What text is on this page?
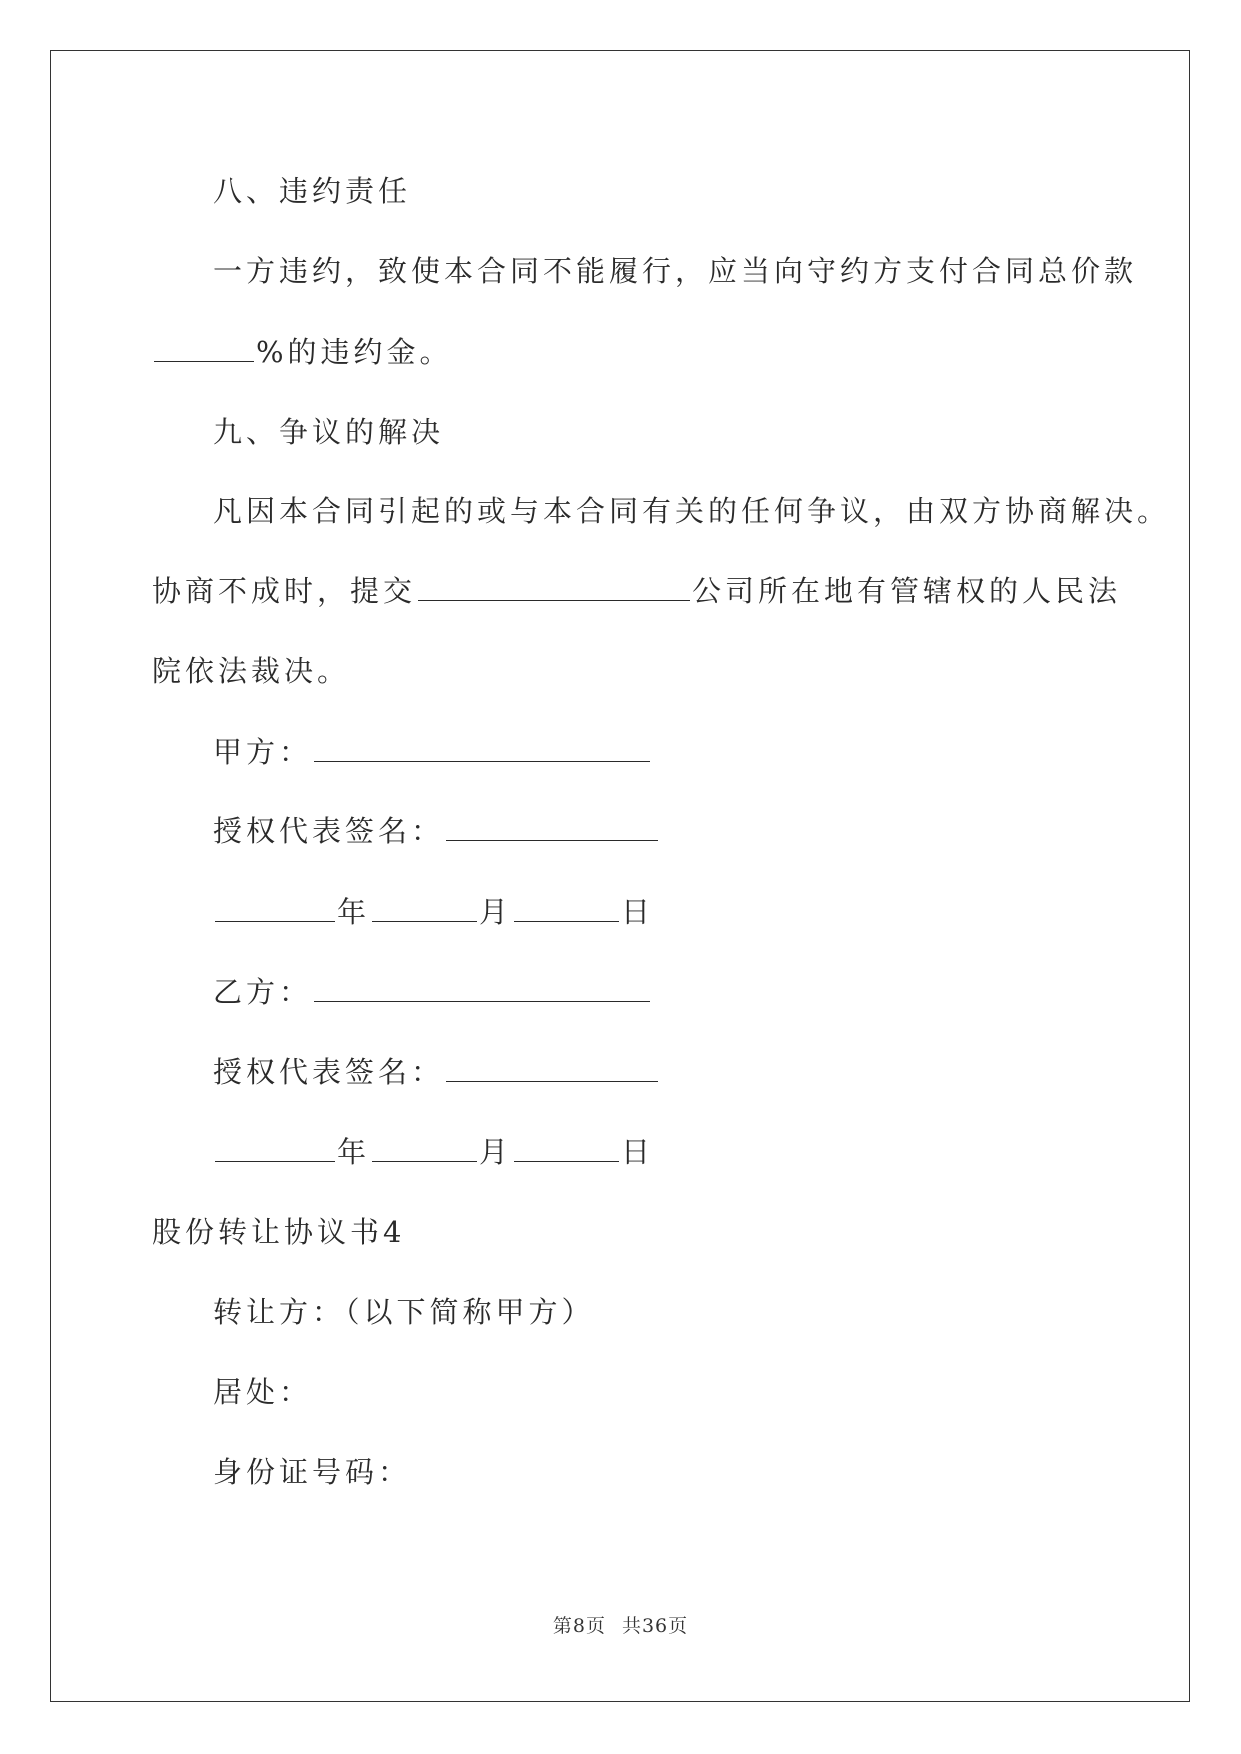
八、违约责任
一方违约，致使本合同不能履行，应当向守约方支付合同总价款
%的违约金。
九、争议的解决
凡因本合同引起的或与本合同有关的任何争议，由双方协商解决。
协商不成时，提交	公司所在地有管辖权的人民法
院依法裁决。
甲方：
授权代表签名：
年	月	日
乙方：
授权代表签名：
年	月	日
股份转让协议书4
转让方：（以下简称甲方）
居处：
身份证号码：
第8页 共36页
